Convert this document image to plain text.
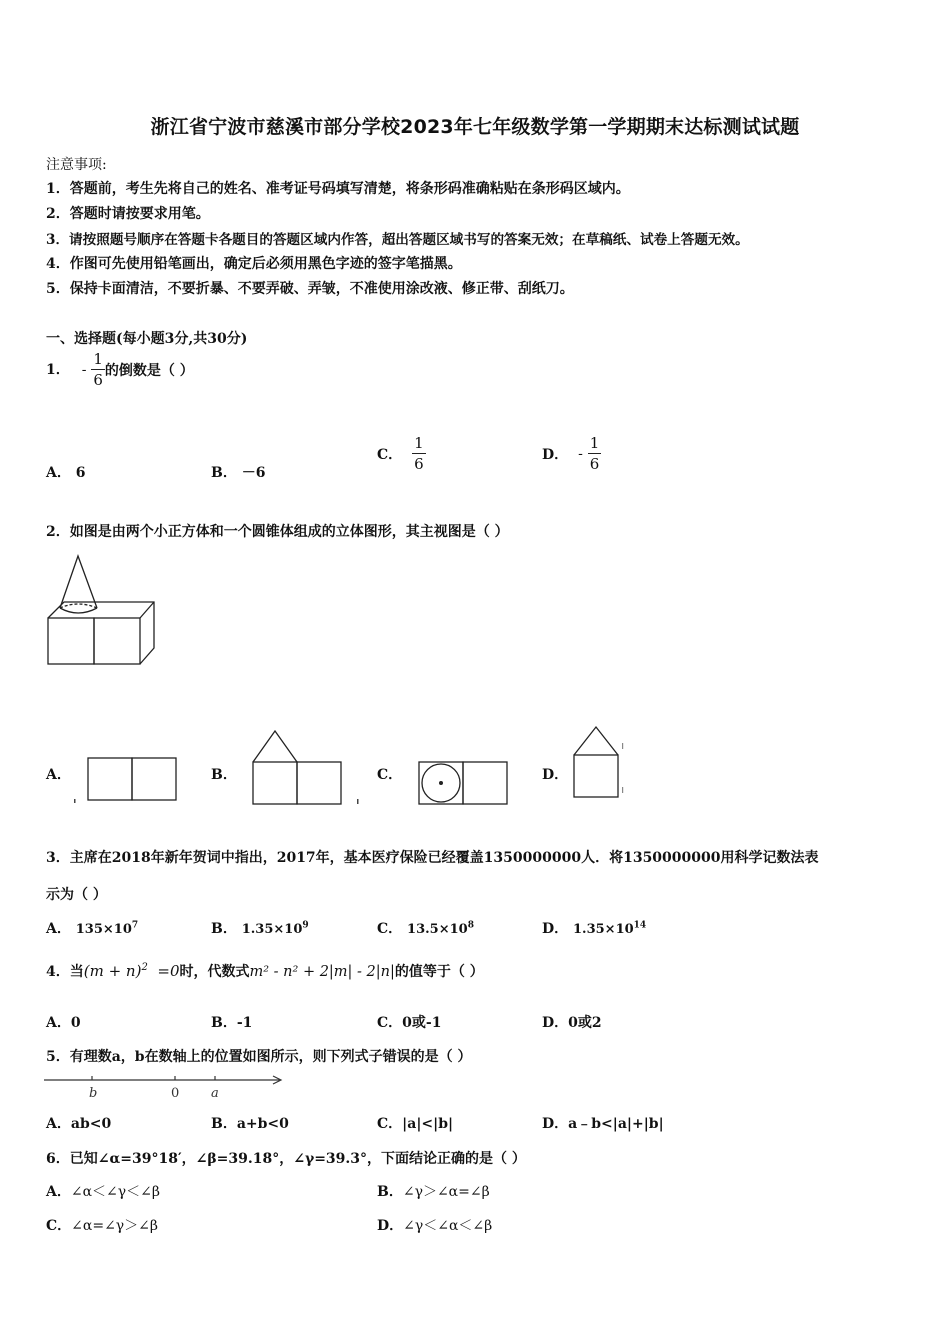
浙江省宁波市慈溪市部分学校2023年七年级数学第一学期期末达标测试试题
注意事项:
1．答题前，考生先将自己的姓名、准考证号码填写清楚，将条形码准确粘贴在条形码区域内。
2．答题时请按要求用笔。
3．请按照题号顺序在答题卡各题目的答题区域内作答，超出答题区域书写的答案无效；在草稿纸、试卷上答题无效。
4．作图可先使用铅笔画出，确定后必须用黑色字迹的签字笔描黑。
5．保持卡面清洁，不要折暴、不要弄破、弄皱，不准使用涂改液、修正带、刮纸刀。
一、选择题(每小题3分,共30分)
1． - $\frac{1}{6}$ 的倒数是（ ）
A． 6	B． －6
C． $\frac{1}{6}$	D． - $\frac{1}{6}$
2．如图是由两个小正方体和一个圆锥体组成的立体图形，其主视图是（ ）
A．	B．	C．	D．
3．主席在2018年新年贺词中指出，2017年，基本医疗保险已经覆盖1350000000人．将1350000000用科学记数法表
示为（ ）
A． $135\times 10^7$	B． $1.35\times 10^9$	C． $13.5\times 10^8$	D． $1.35\times 10^{14}$
4．当$(m + n)^2 =0$时，代数式m² - n² + 2|m| - 2|n|的值等于（ ）
A．0	B．-1	C．0或-1	D．0或2
5．有理数a，b在数轴上的位置如图所示，则下列式子错误的是（ ）
b	0 a
A．ab<0	B．a+b<0	C．|a|<|b|	D．a﹣b<|a|+|b|
6．已知∠α=39°18′，∠β=39.18°，∠γ=39.3°，下面结论正确的是（ ）
A．∠α＜∠γ＜∠β	B．∠γ＞∠α=∠β
C．∠α=∠γ＞∠β	D．∠γ＜∠α＜∠β
